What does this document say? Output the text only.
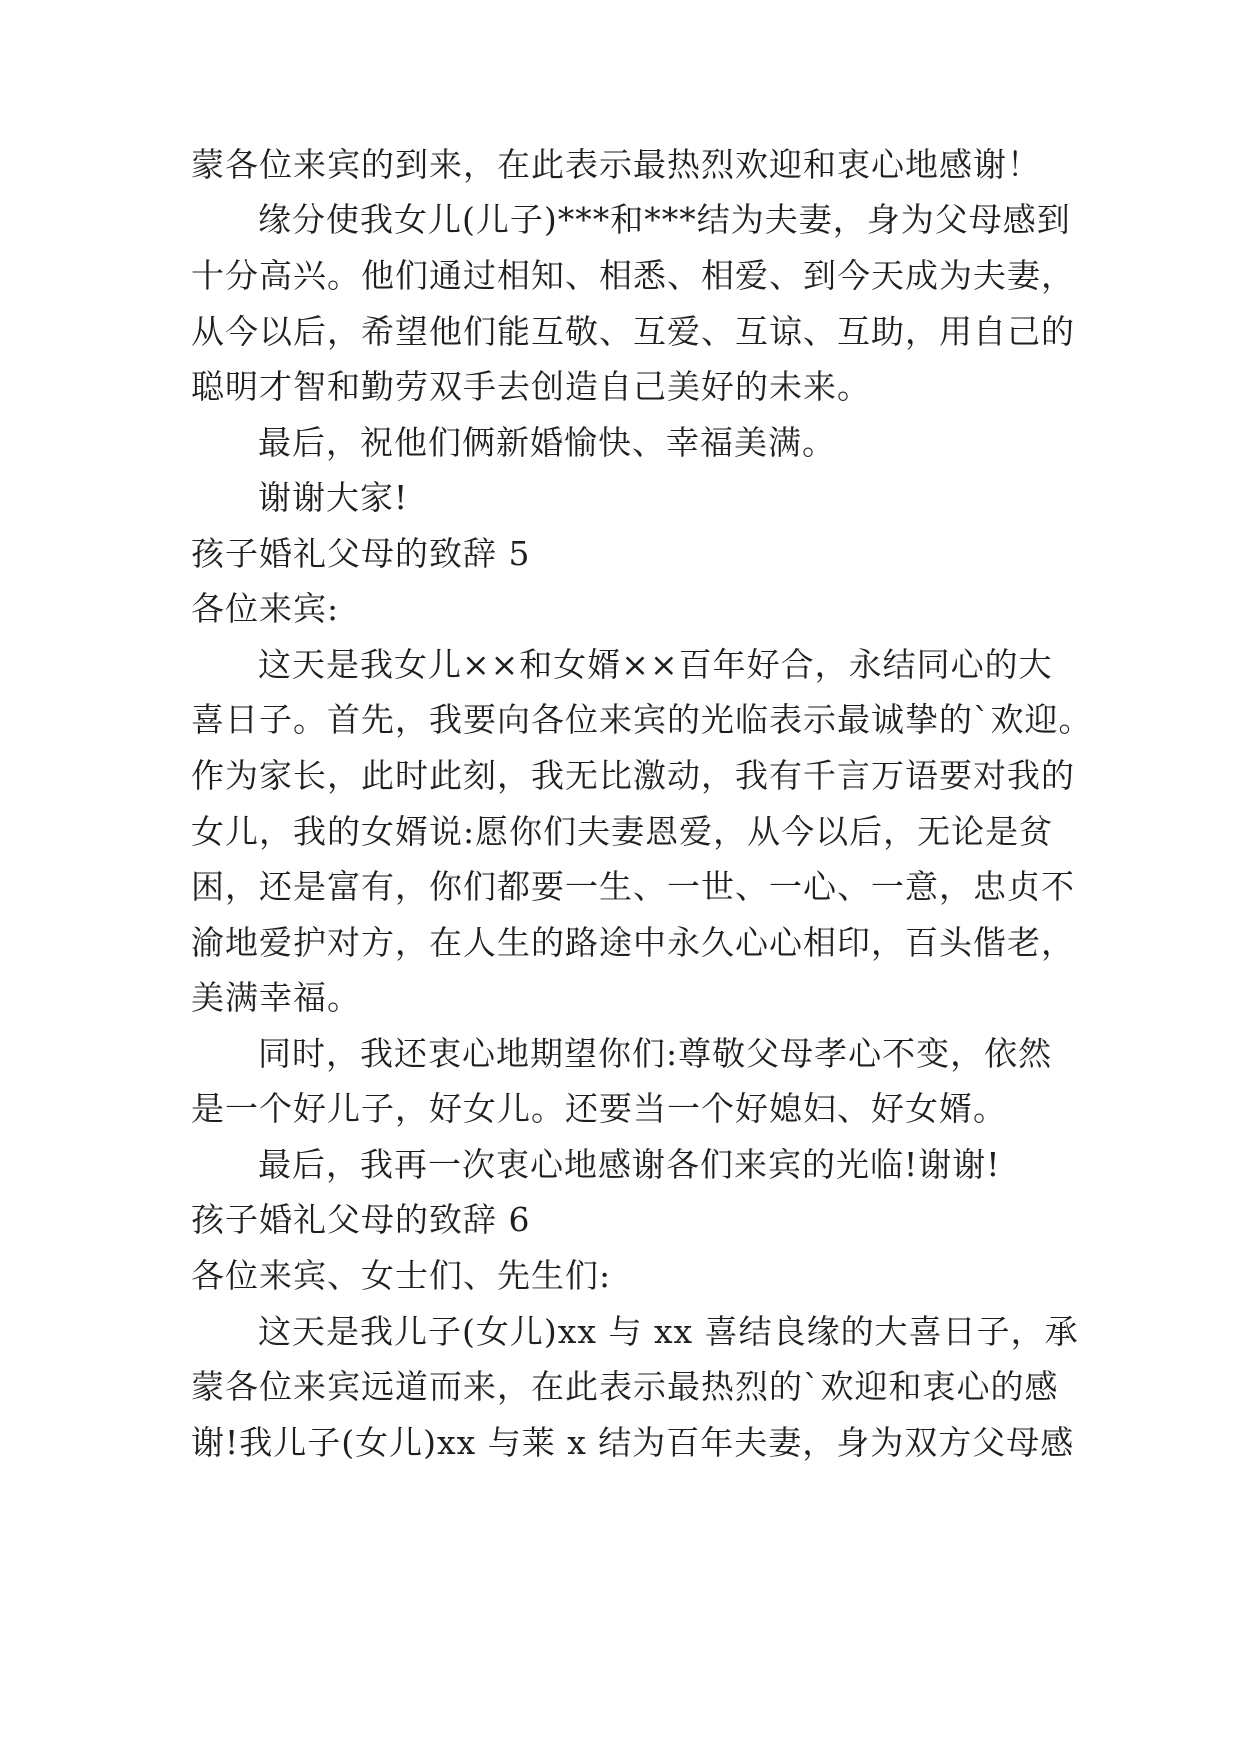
蒙各位来宾的到来，在此表示最热烈欢迎和衷心地感谢！
缘分使我女儿(儿子)***和***结为夫妻，身为父母感到
十分高兴。他们通过相知、相悉、相爱、到今天成为夫妻，
从今以后，希望他们能互敬、互爱、互谅、互助，用自己的
聪明才智和勤劳双手去创造自己美好的未来。
最后，祝他们俩新婚愉快、幸福美满。
谢谢大家!
孩子婚礼父母的致辞 5
各位来宾:
这天是我女儿××和女婿××百年好合，永结同心的大
喜日子。首先，我要向各位来宾的光临表示最诚挚的`欢迎。
作为家长，此时此刻，我无比激动，我有千言万语要对我的
女儿，我的女婿说:愿你们夫妻恩爱，从今以后，无论是贫
困，还是富有，你们都要一生、一世、一心、一意，忠贞不
渝地爱护对方，在人生的路途中永久心心相印，百头偕老，
美满幸福。
同时，我还衷心地期望你们:尊敬父母孝心不变，依然
是一个好儿子，好女儿。还要当一个好媳妇、好女婿。
最后，我再一次衷心地感谢各们来宾的光临!谢谢!
孩子婚礼父母的致辞 6
各位来宾、女士们、先生们:
这天是我儿子(女儿)xx 与 xx 喜结良缘的大喜日子，承
蒙各位来宾远道而来，在此表示最热烈的`欢迎和衷心的感
谢!我儿子(女儿)xx 与莱 x 结为百年夫妻，身为双方父母感
